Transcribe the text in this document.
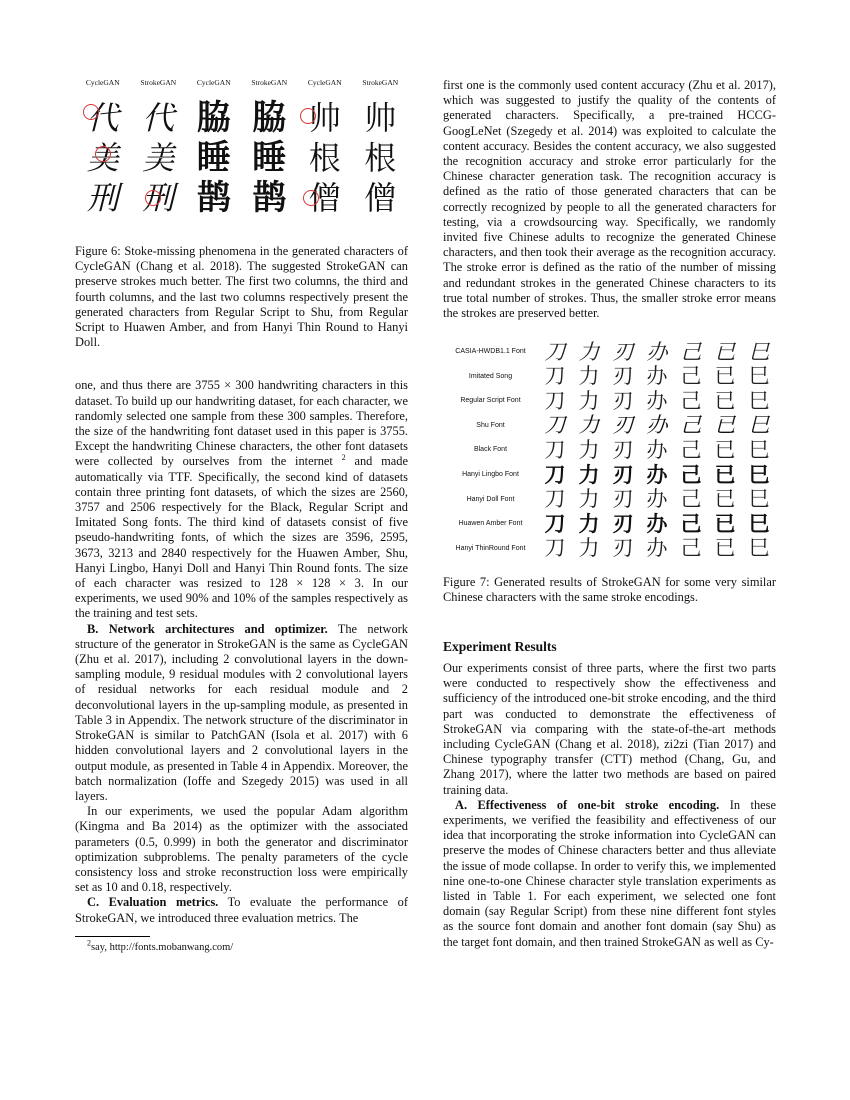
CycleGAN	StrokeGAN	CycleGAN	StrokeGAN	CycleGAN	StrokeGAN
代 代 脇 脇 帅 帅
美 美 睡 睡 根 根
刑 刑 鹊 鹊 僧 僧

Figure 6: Stoke-missing phenomena in the generated characters of CycleGAN (Chang et al. 2018). The suggested StrokeGAN can preserve strokes much better. The first two columns, the third and fourth columns, and the last two columns respectively present the generated characters from Regular Script to Shu, from Regular Script to Huawen Amber, and from Hanyi Thin Round to Hanyi Doll.

one, and thus there are 3755 × 300 handwriting characters in this dataset. To build up our handwriting dataset, for each character, we randomly selected one sample from these 300 samples. Therefore, the size of the handwriting font dataset used in this paper is 3755. Except the handwriting Chinese characters, the other font datasets were collected by ourselves from the internet $^2$ and made automatically via TTF. Specifically, the second kind of datasets contain three printing font datasets, of which the sizes are 2560, 3757 and 2506 respectively for the Black, Regular Script and Imitated Song fonts. The third kind of datasets consist of five pseudo-handwriting fonts, of which the sizes are 3596, 2595, 3673, 3213 and 2840 respectively for the Huawen Amber, Shu, Hanyi Lingbo, Hanyi Doll and Hanyi Thin Round fonts. The size of each character was resized to 128 × 128 × 3. In our experiments, we used 90% and 10% of the samples respectively as the training and test sets.

B. Network architectures and optimizer. The network structure of the generator in StrokeGAN is the same as CycleGAN (Zhu et al. 2017), including 2 convolutional layers in the down-sampling module, 9 residual modules with 2 convolutional layers of residual networks for each residual module and 2 deconvolutional layers in the up-sampling module, as presented in Table 3 in Appendix. The network structure of the discriminator in StrokeGAN is similar to PatchGAN (Isola et al. 2017) with 6 hidden convolutional layers and 2 convolutional layers in the output module, as presented in Table 4 in Appendix. Moreover, the batch normalization (Ioffe and Szegedy 2015) was used in all layers.

In our experiments, we used the popular Adam algorithm (Kingma and Ba 2014) as the optimizer with the associated parameters (0.5, 0.999) in both the generator and discriminator optimization subproblems. The penalty parameters of the cycle consistency loss and stroke reconstruction loss were empirically set as 10 and 0.18, respectively.

C. Evaluation metrics. To evaluate the performance of StrokeGAN, we introduced three evaluation metrics. The

$^2$say, http://fonts.mobanwang.com/

first one is the commonly used content accuracy (Zhu et al. 2017), which was suggested to justify the quality of the contents of generated characters. Specifically, a pre-trained HCCG-GoogLeNet (Szegedy et al. 2014) was exploited to calculate the content accuracy. Besides the content accuracy, we also suggested the recognition accuracy and stroke error particularly for the Chinese character generation task. The recognition accuracy is defined as the ratio of those generated characters that can be correctly recognized by people to all the generated characters for testing, via a crowdsourcing way. Specifically, we randomly invited five Chinese adults to recognize the generated Chinese characters, and then took their average as the recognition accuracy. The stroke error is defined as the ratio of the number of missing and redundant strokes in the generated Chinese characters to its true total number of strokes. Thus, the smaller stroke error means the strokes are preserved better.

CASIA-HWDB1.1 Font 刀 力 刃 办 己 已 巳
Imitated Song	刀 力 刃 办 己 已 巳
Regular Script Font	刀 力 刃 办 己 已 巳
Shu Font	刀 力 刃 办 己 已 巳
Black Font	刀 力 刃 办 己 已 巳
Hanyi Lingbo Font	刀 力 刃 办 己 已 巳
Hanyi Doll Font	刀 力 刃 办 己 已 巳
Huawen Amber Font	刀 力 刃 办 己 已 巳
Hanyi ThinRound Font 刀 力 刃 办 己 已 巳

Figure 7: Generated results of StrokeGAN for some very similar Chinese characters with the same stroke encodings.

Experiment Results

Our experiments consist of three parts, where the first two parts were conducted to respectively show the effectiveness and sufficiency of the introduced one-bit stroke encoding, and the third part was conducted to demonstrate the effectiveness of StrokeGAN via comparing with the state-of-the-art methods including CycleGAN (Chang et al. 2018), zi2zi (Tian 2017) and Chinese typography transfer (CTT) method (Chang, Gu, and Zhang 2017), where the latter two methods are based on paired training data.

A. Effectiveness of one-bit stroke encoding. In these experiments, we verified the feasibility and effectiveness of our idea that incorporating the stroke information into CycleGAN can preserve the modes of Chinese characters better and thus alleviate the issue of mode collapse. In order to verify this, we implemented nine one-to-one Chinese character style translation experiments as listed in Table 1. For each experiment, we selected one font domain (say Regular Script) from these nine different font styles as the source font domain and another font domain (say Shu) as the target font domain, and then trained StrokeGAN as well as Cy-
